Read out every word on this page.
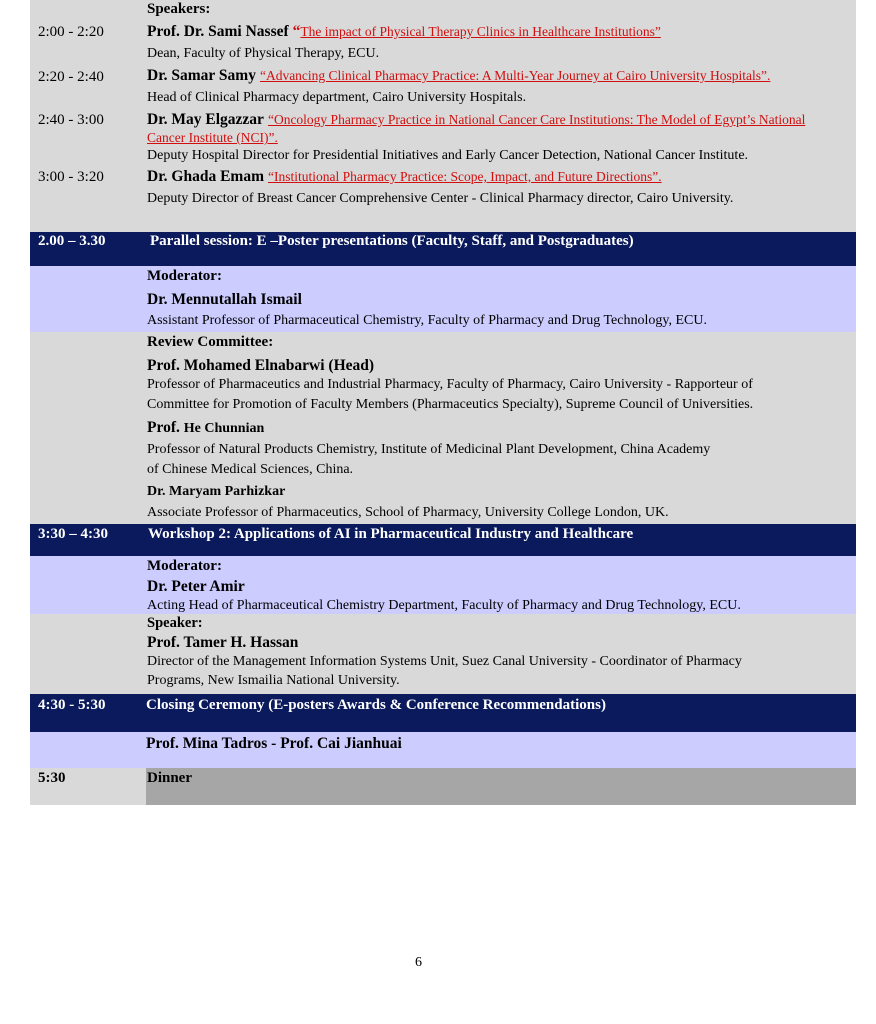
Speakers:
2:00 - 2:20	Prof. Dr. Sami Nassef “The impact of Physical Therapy Clinics in Healthcare Institutions”
Dean, Faculty of Physical Therapy, ECU.
2:20 - 2:40	Dr. Samar Samy “Advancing Clinical Pharmacy Practice: A Multi-Year Journey at Cairo University Hospitals”.
Head of Clinical Pharmacy department, Cairo University Hospitals.
2:40 - 3:00	Dr. May Elgazzar “Oncology Pharmacy Practice in National Cancer Care Institutions: The Model of Egypt’s National
Cancer Institute (NCI)”.
Deputy Hospital Director for Presidential Initiatives and Early Cancer Detection, National Cancer Institute.
3:00 - 3:20	Dr. Ghada Emam “Institutional Pharmacy Practice: Scope, Impact, and Future Directions”.
Deputy Director of Breast Cancer Comprehensive Center - Clinical Pharmacy director, Cairo University.
2.00 – 3.30	Parallel session: E –Poster presentations (Faculty, Staff, and Postgraduates)
Moderator:
Dr. Mennutallah Ismail
Assistant Professor of Pharmaceutical Chemistry, Faculty of Pharmacy and Drug Technology, ECU.
Review Committee:
Prof. Mohamed Elnabarwi (Head)
Professor of Pharmaceutics and Industrial Pharmacy, Faculty of Pharmacy, Cairo University - Rapporteur of
Committee for Promotion of Faculty Members (Pharmaceutics Specialty), Supreme Council of Universities.
Prof. He Chunnian
Professor of Natural Products Chemistry, Institute of Medicinal Plant Development, China Academy
of Chinese Medical Sciences, China.
Dr. Maryam Parhizkar
Associate Professor of Pharmaceutics, School of Pharmacy, University College London, UK.
3:30 – 4:30	Workshop 2: Applications of AI in Pharmaceutical Industry and Healthcare
Moderator:
Dr. Peter Amir
Acting Head of Pharmaceutical Chemistry Department, Faculty of Pharmacy and Drug Technology, ECU.
Speaker:
Prof. Tamer H. Hassan
Director of the Management Information Systems Unit, Suez Canal University - Coordinator of Pharmacy
Programs, New Ismailia National University.
4:30 - 5:30	Closing Ceremony (E-posters Awards & Conference Recommendations)
Prof. Mina Tadros - Prof. Cai Jianhuai
5:30	Dinner
6
